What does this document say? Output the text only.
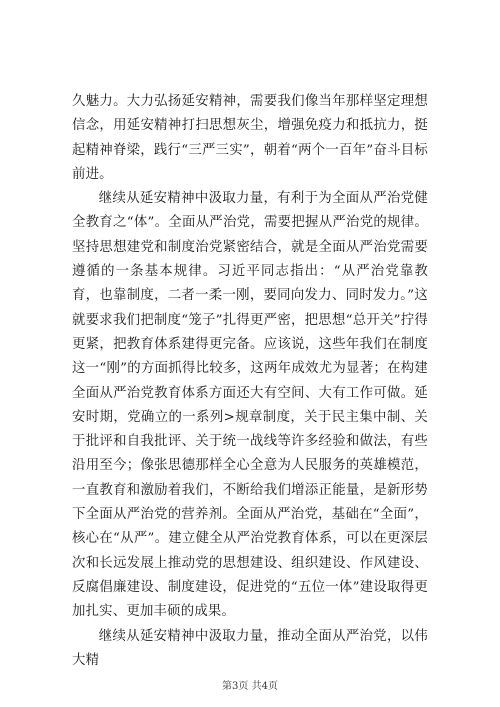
久魅力。大力弘扬延安精神，需要我们像当年那样坚定理想信念，用延安精神打扫思想灰尘，增强免疫力和抵抗力，挺起精神脊梁，践行“三严三实”，朝着“两个一百年”奋斗目标前进。

继续从延安精神中汲取力量，有利于为全面从严治党健全教育之“体”。全面从严治党，需要把握从严治党的规律。坚持思想建党和制度治党紧密结合，就是全面从严治党需要遵循的一条基本规律。习近平同志指出：“从严治党靠教育，也靠制度，二者一柔一刚，要同向发力、同时发力。”这就要求我们把制度“笼子”扎得更严密，把思想“总开关”拧得更紧，把教育体系建得更完备。应该说，这些年我们在制度这一“刚”的方面抓得比较多，这两年成效尤为显著；在构建全面从严治党教育体系方面还大有空间、大有工作可做。延安时期，党确立的一系列>规章制度，关于民主集中制、关于批评和自我批评、关于统一战线等许多经验和做法，有些沿用至今；像张思德那样全心全意为人民服务的英雄模范，一直教育和激励着我们，不断给我们增添正能量，是新形势下全面从严治党的营养剂。全面从严治党，基础在“全面”，核心在“从严”。建立健全从严治党教育体系，可以在更深层次和长远发展上推动党的思想建设、组织建设、作风建设、反腐倡廉建设、制度建设，促进党的“五位一体”建设取得更加扎实、更加丰硕的成果。

继续从延安精神中汲取力量，推动全面从严治党，以伟大精

第3页 共4页
